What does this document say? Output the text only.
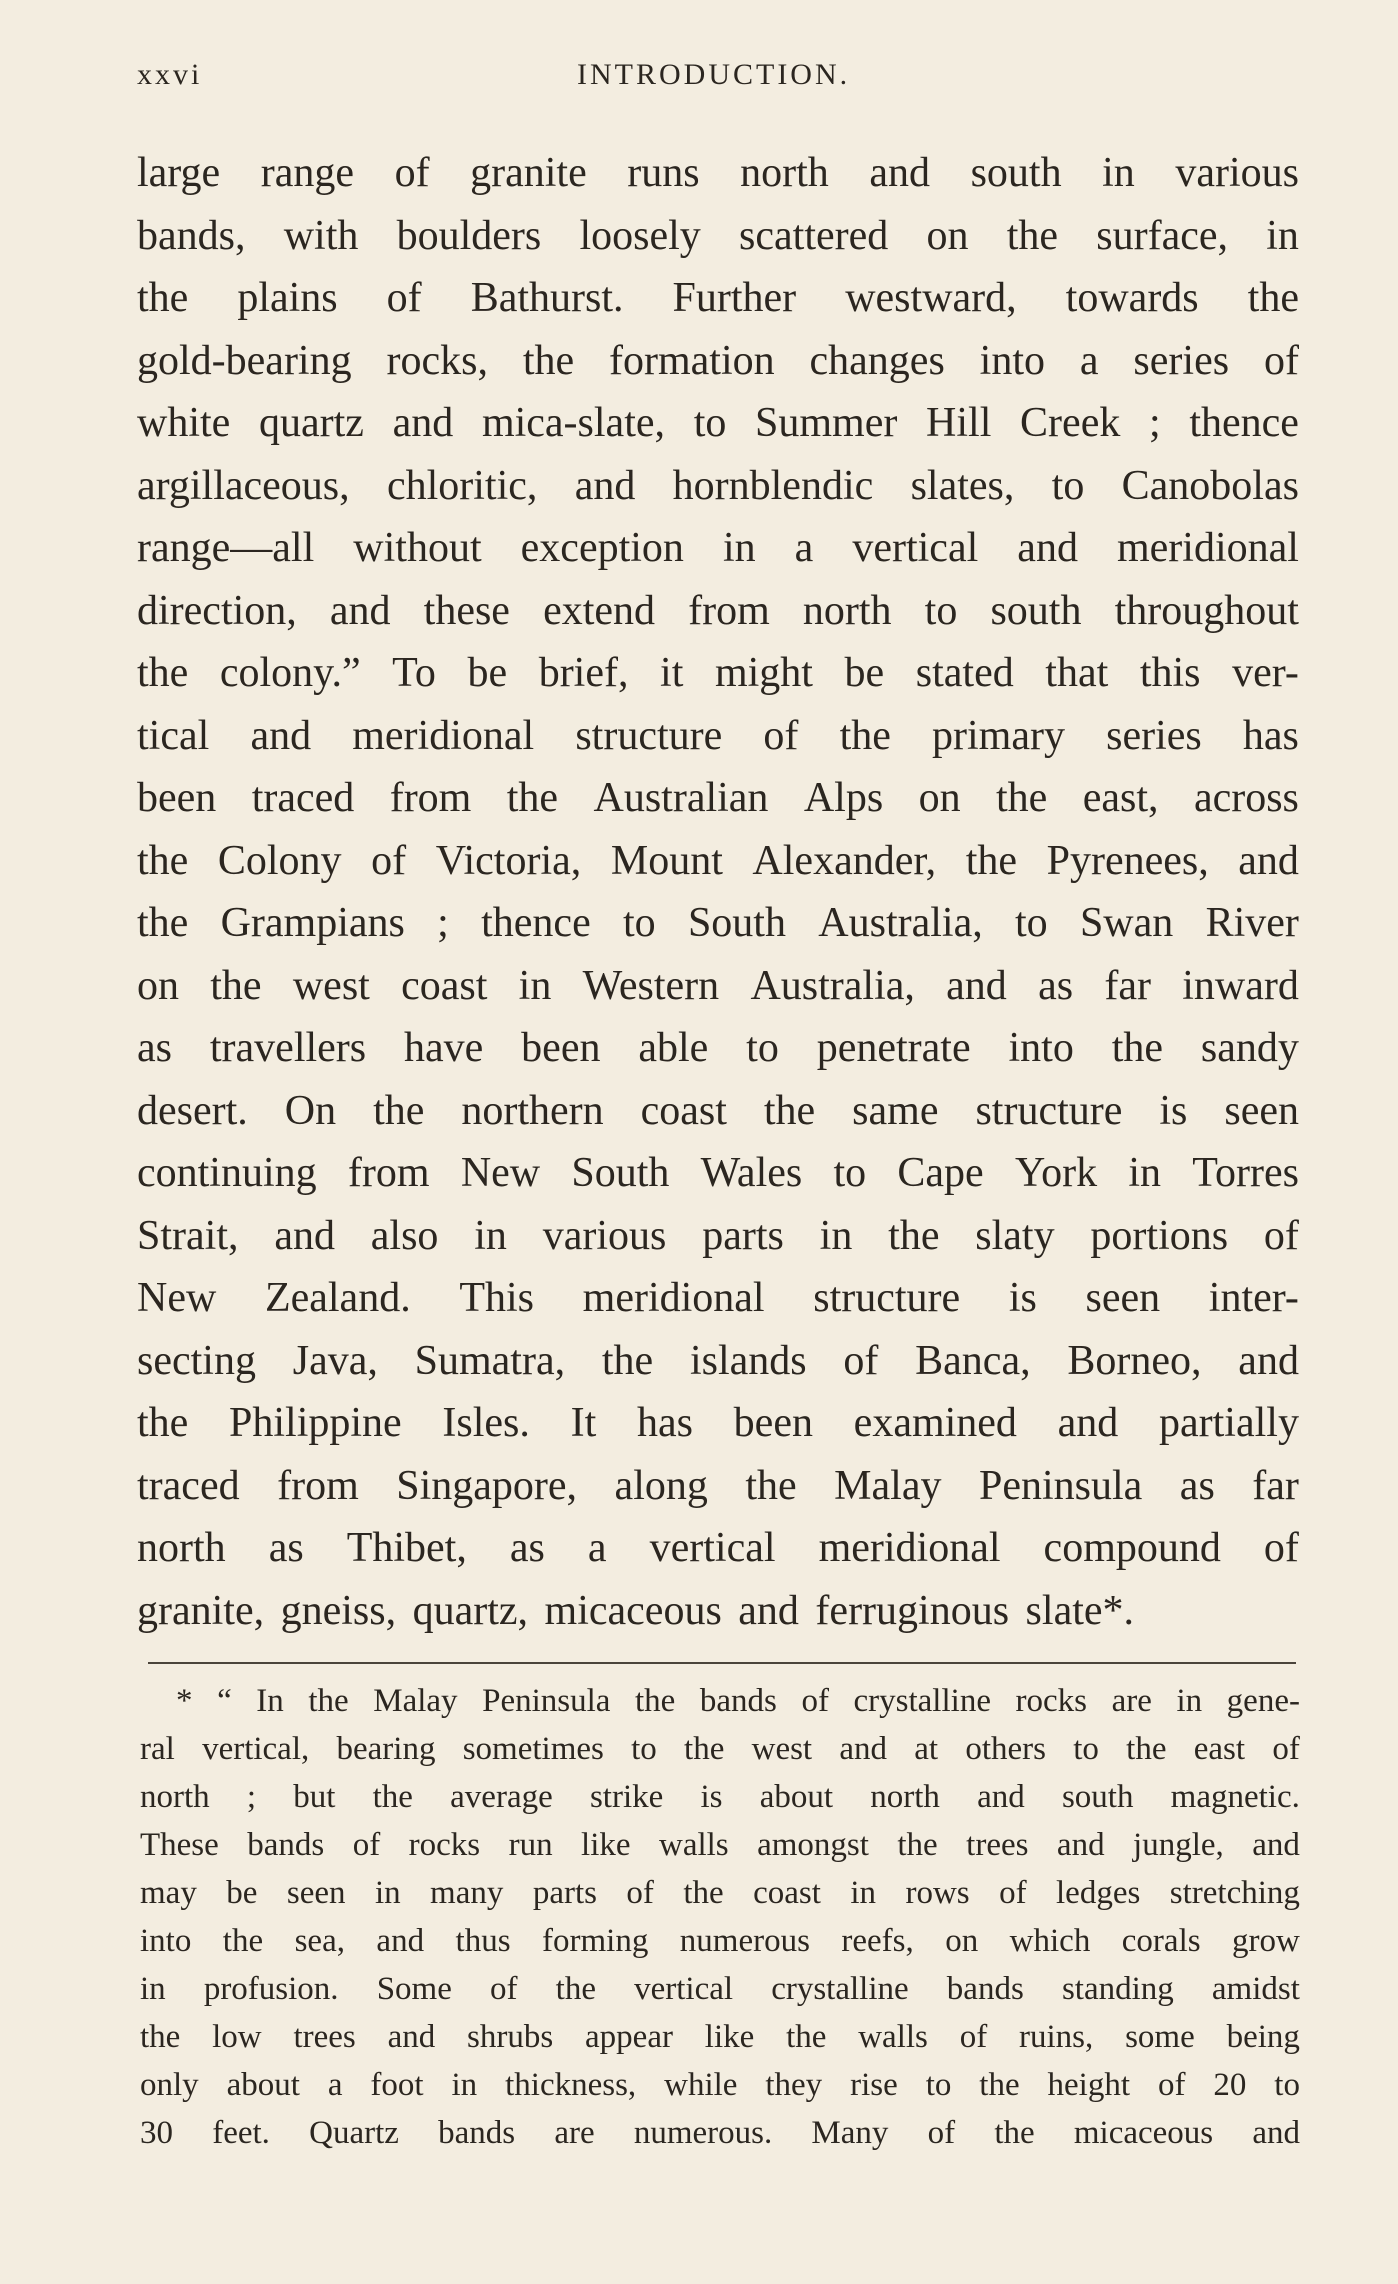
xxvi	INTRODUCTION.
large range of granite runs north and south in various
bands, with boulders loosely scattered on the surface, in
the plains of Bathurst. Further westward, towards the
gold-bearing rocks, the formation changes into a series of
white quartz and mica-slate, to Summer Hill Creek ; thence
argillaceous, chloritic, and hornblendic slates, to Canobolas
range—all without exception in a vertical and meridional
direction, and these extend from north to south throughout
the colony.” To be brief, it might be stated that this ver-
tical and meridional structure of the primary series has
been traced from the Australian Alps on the east, across
the Colony of Victoria, Mount Alexander, the Pyrenees, and
the Grampians ; thence to South Australia, to Swan River
on the west coast in Western Australia, and as far inward
as travellers have been able to penetrate into the sandy
desert. On the northern coast the same structure is seen
continuing from New South Wales to Cape York in Torres
Strait, and also in various parts in the slaty portions of
New Zealand. This meridional structure is seen inter-
secting Java, Sumatra, the islands of Banca, Borneo, and
the Philippine Isles. It has been examined and partially
traced from Singapore, along the Malay Peninsula as far
north as Thibet, as a vertical meridional compound of
granite, gneiss, quartz, micaceous and ferruginous slate*.
* “ In the Malay Peninsula the bands of crystalline rocks are in gene-
ral vertical, bearing sometimes to the west and at others to the east of
north ; but the average strike is about north and south magnetic.
These bands of rocks run like walls amongst the trees and jungle, and
may be seen in many parts of the coast in rows of ledges stretching
into the sea, and thus forming numerous reefs, on which corals grow
in profusion. Some of the vertical crystalline bands standing amidst
the low trees and shrubs appear like the walls of ruins, some being
only about a foot in thickness, while they rise to the height of 20 to
30 feet. Quartz bands are numerous. Many of the micaceous and
